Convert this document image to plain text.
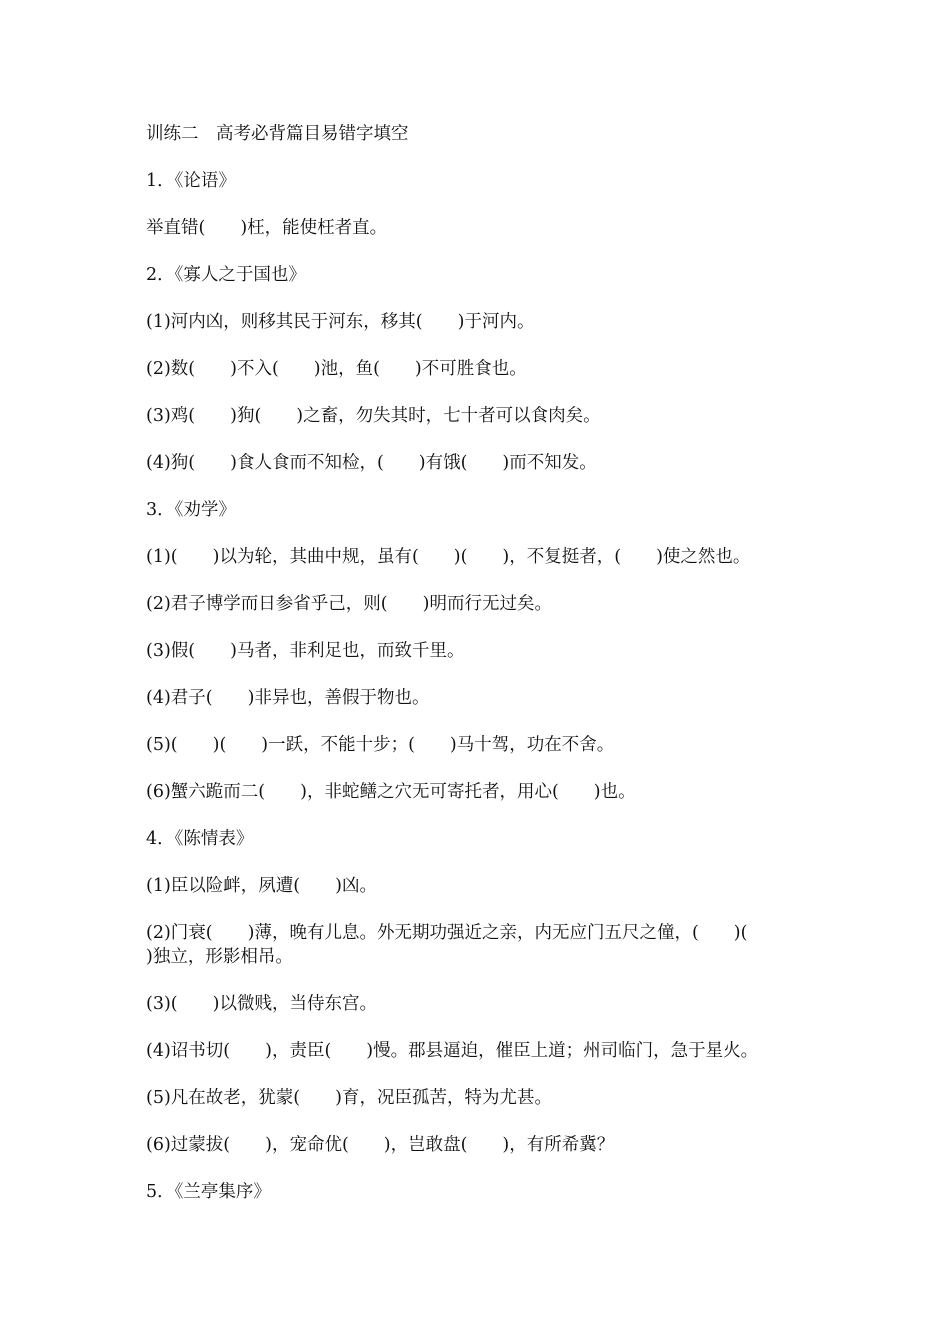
训练二　高考必背篇目易错字填空

1．《论语》

举直错(　　)枉，能使枉者直。

2．《寡人之于国也》

(1)河内凶，则移其民于河东，移其(　　)于河内。

(2)数(　　)不入(　　)池，鱼(　　)不可胜食也。

(3)鸡(　　)狗(　　)之畜，勿失其时，七十者可以食肉矣。

(4)狗(　　)食人食而不知检，(　　)有饿(　　)而不知发。

3．《劝学》

(1)(　　)以为轮，其曲中规，虽有(　　)(　　)，不复挺者，(　　)使之然也。

(2)君子博学而日参省乎己，则(　　)明而行无过矣。

(3)假(　　)马者，非利足也，而致千里。

(4)君子(　　)非异也，善假于物也。

(5)(　　)(　　)一跃，不能十步；(　　)马十驾，功在不舍。

(6)蟹六跪而二(　　)，非蛇鳝之穴无可寄托者，用心(　　)也。

4．《陈情表》

(1)臣以险衅，夙遭(　　)凶。

(2)门衰(　　)薄，晚有儿息。外无期功强近之亲，内无应门五尺之僮，(　　)(
)独立，形影相吊。

(3)(　　)以微贱，当侍东宫。

(4)诏书切(　　)，责臣(　　)慢。郡县逼迫，催臣上道；州司临门，急于星火。

(5)凡在故老，犹蒙(　　)育，况臣孤苦，特为尤甚。

(6)过蒙拔(　　)，宠命优(　　)，岂敢盘(　　)，有所希冀？

5．《兰亭集序》
